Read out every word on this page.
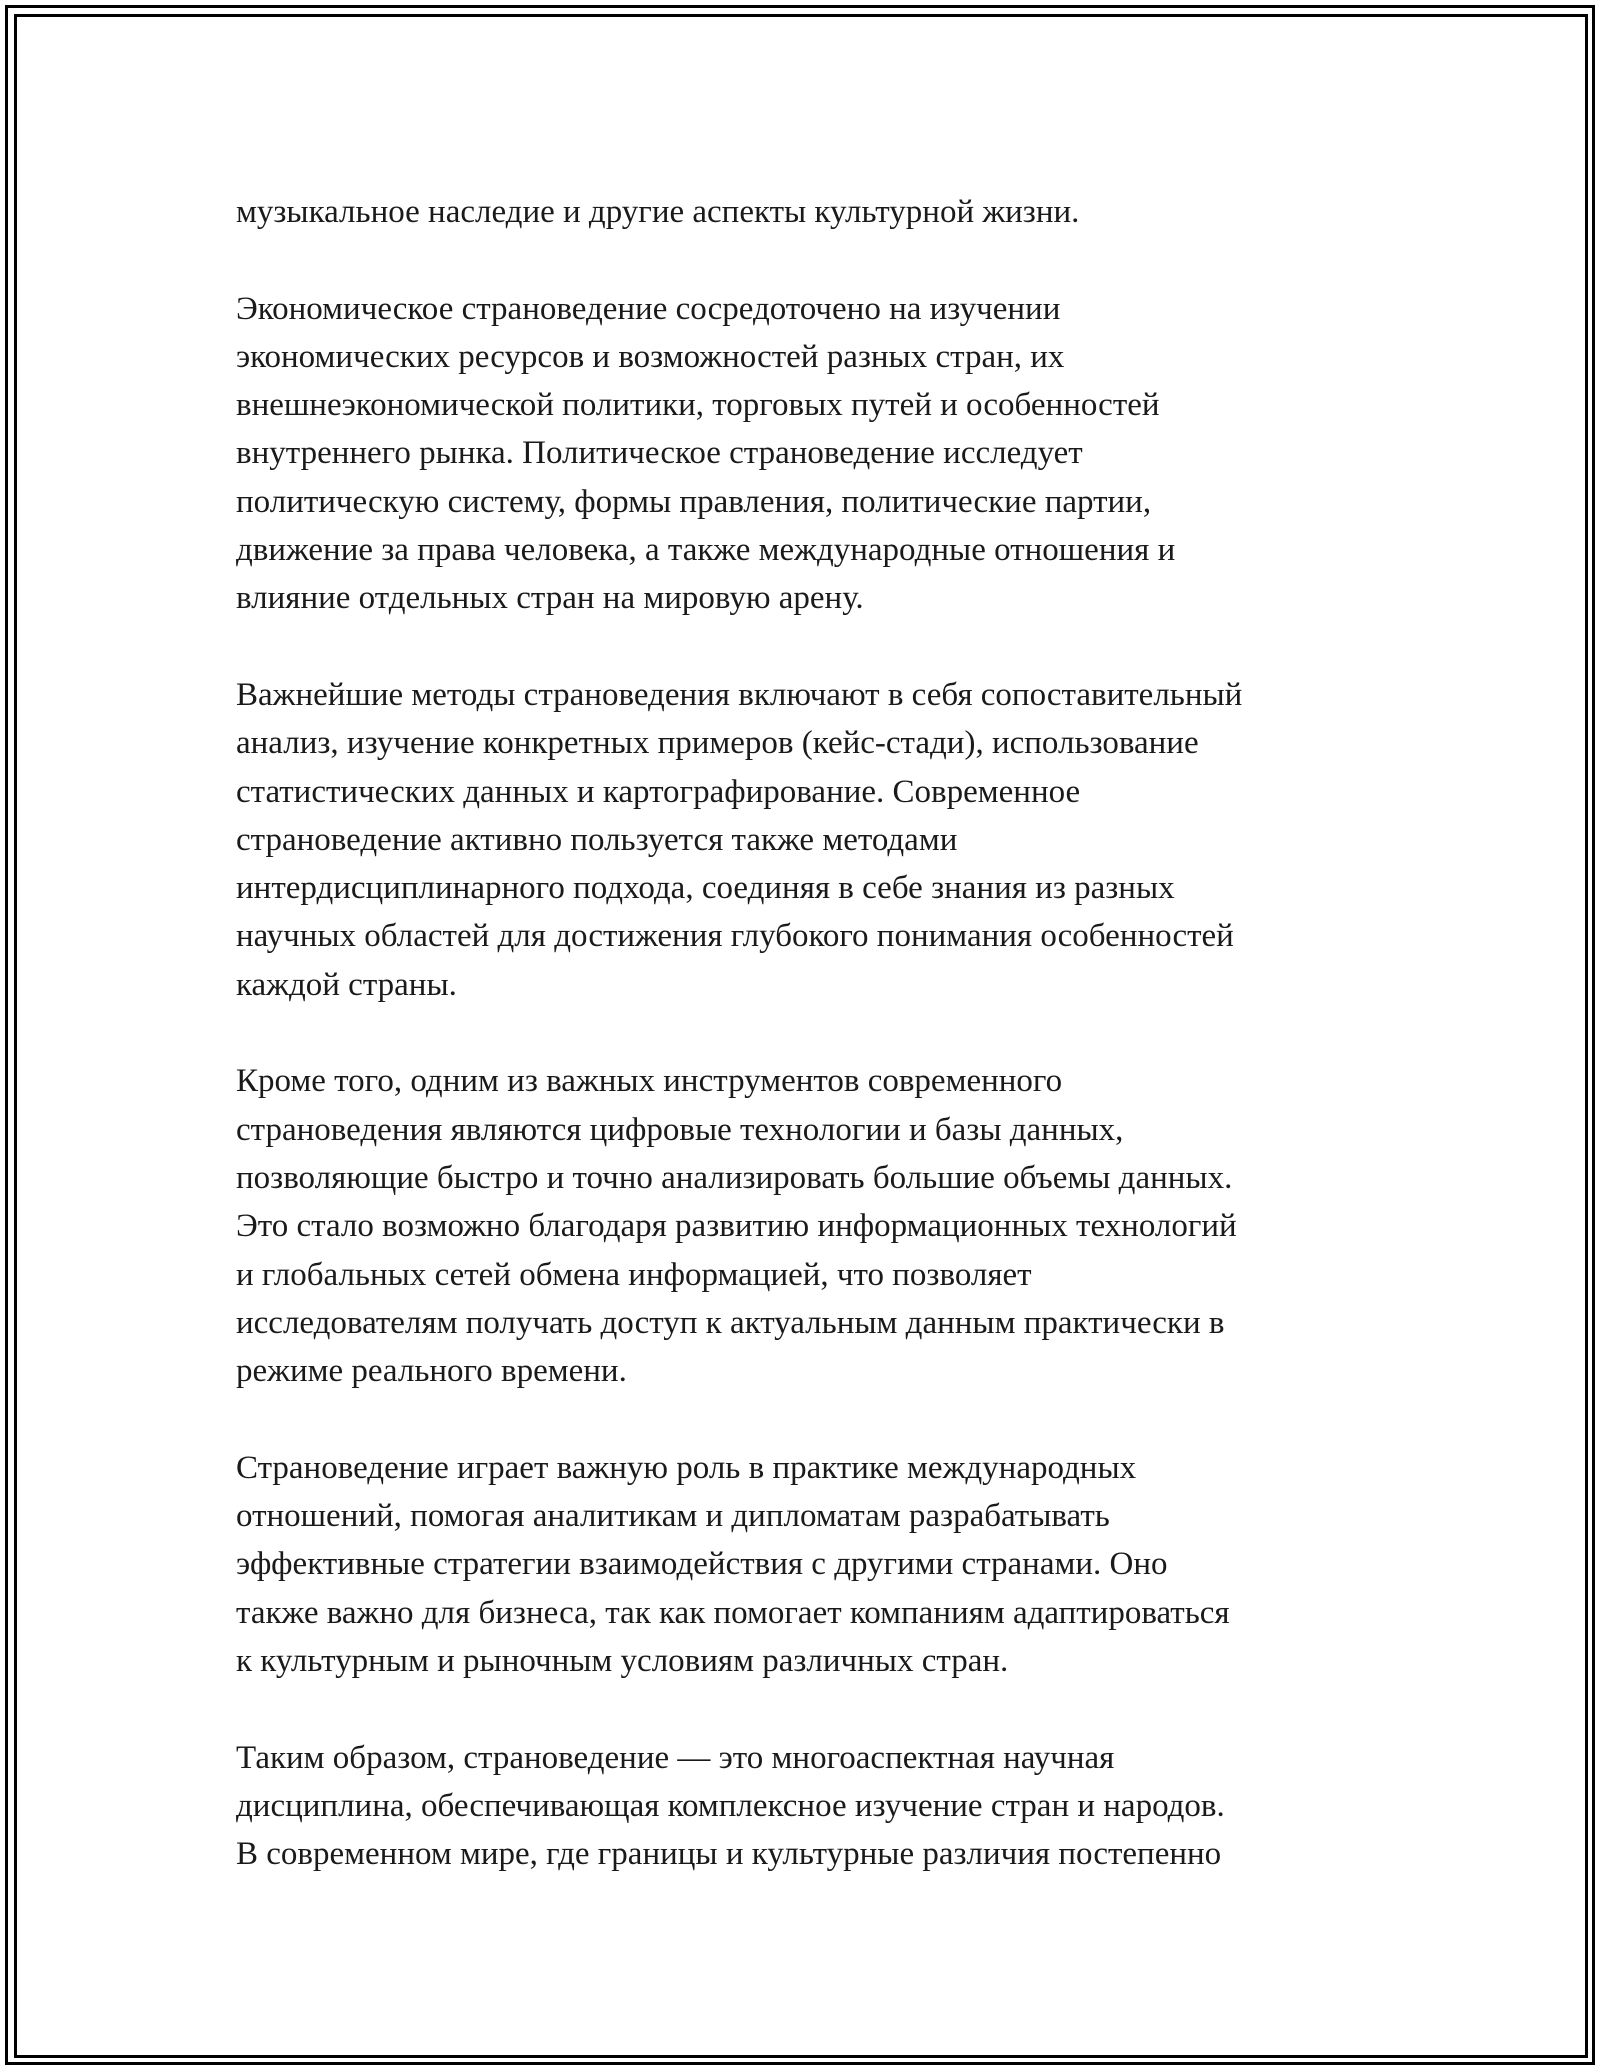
музыкальное наследие и другие аспекты культурной жизни.

Экономическое страноведение сосредоточено на изучении
экономических ресурсов и возможностей разных стран, их
внешнеэкономической политики, торговых путей и особенностей
внутреннего рынка. Политическое страноведение исследует
политическую систему, формы правления, политические партии,
движение за права человека, а также международные отношения и
влияние отдельных стран на мировую арену.

Важнейшие методы страноведения включают в себя сопоставительный
анализ, изучение конкретных примеров (кейс-стади), использование
статистических данных и картографирование. Современное
страноведение активно пользуется также методами
интердисциплинарного подхода, соединяя в себе знания из разных
научных областей для достижения глубокого понимания особенностей
каждой страны.

Кроме того, одним из важных инструментов современного
страноведения являются цифровые технологии и базы данных,
позволяющие быстро и точно анализировать большие объемы данных.
Это стало возможно благодаря развитию информационных технологий
и глобальных сетей обмена информацией, что позволяет
исследователям получать доступ к актуальным данным практически в
режиме реального времени.

Страноведение играет важную роль в практике международных
отношений, помогая аналитикам и дипломатам разрабатывать
эффективные стратегии взаимодействия с другими странами. Оно
также важно для бизнеса, так как помогает компаниям адаптироваться
к культурным и рыночным условиям различных стран.

Таким образом, страноведение — это многоаспектная научная
дисциплина, обеспечивающая комплексное изучение стран и народов.
В современном мире, где границы и культурные различия постепенно
